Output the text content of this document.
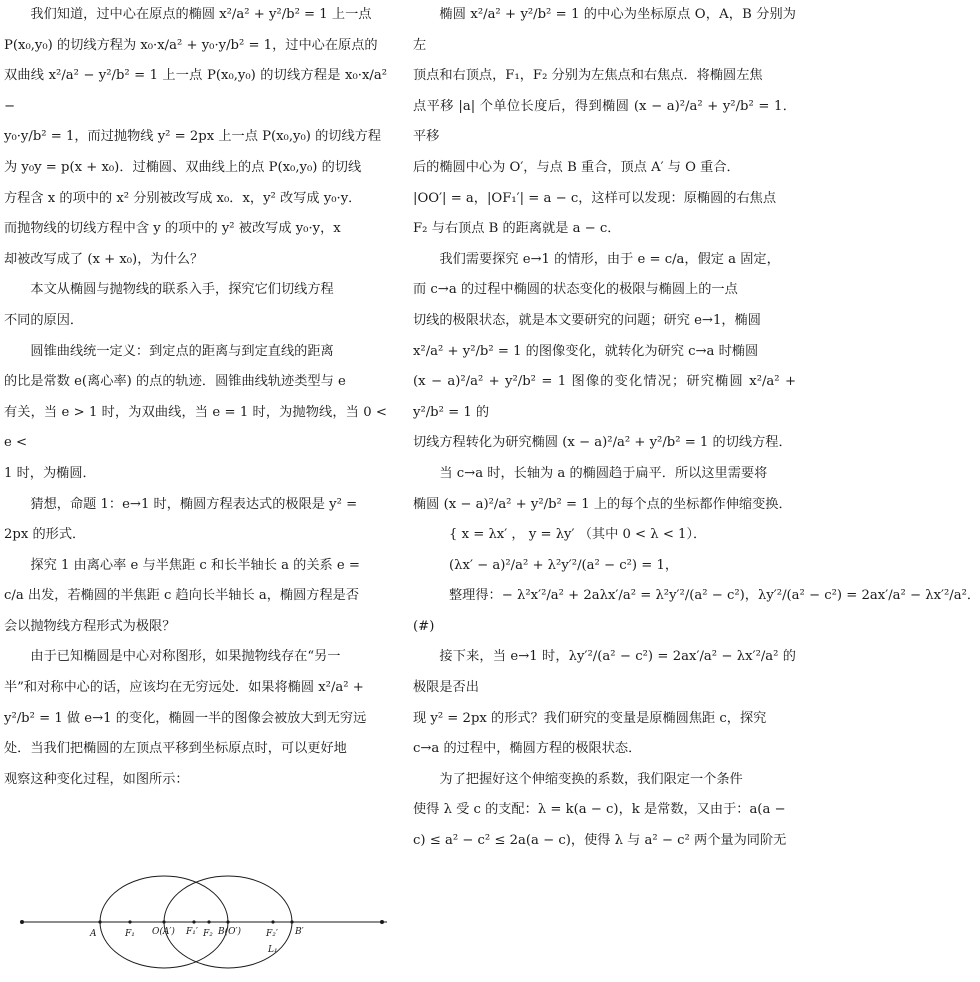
我们知道，过中心在原点的椭圆 x²/a² + y²/b² = 1 上一点

P(x₀,y₀) 的切线方程为 x₀·x/a² + y₀·y/b² = 1，过中心在原点的

双曲线 x²/a² − y²/b² = 1 上一点 P(x₀,y₀) 的切线方程是 x₀·x/a² −

y₀·y/b² = 1，而过抛物线 y² = 2px 上一点 P(x₀,y₀) 的切线方程

为 y₀y = p(x + x₀)．过椭圆、双曲线上的点 P(x₀,y₀) 的切线

方程含 x 的项中的 x² 分别被改写成 x₀．x，y² 改写成 y₀·y．

而抛物线的切线方程中含 y 的项中的 y² 被改写成 y₀·y，x

却被改写成了 (x + x₀)，为什么？

本文从椭圆与抛物线的联系入手，探究它们切线方程

不同的原因．

圆锥曲线统一定义：到定点的距离与到定直线的距离

的比是常数 e(离心率) 的点的轨迹．圆锥曲线轨迹类型与 e

有关，当 e > 1 时，为双曲线，当 e = 1 时，为抛物线，当 0 < e <

1 时，为椭圆．

猜想，命题 1：e→1 时，椭圆方程表达式的极限是 y² =

2px 的形式．

探究 1 由离心率 e 与半焦距 c 和长半轴长 a 的关系 e =

c/a 出发，若椭圆的半焦距 c 趋向长半轴长 a，椭圆方程是否

会以抛物线方程形式为极限？

由于已知椭圆是中心对称图形，如果抛物线存在“另一

半”和对称中心的话，应该均在无穷远处．如果将椭圆 x²/a² +

y²/b² = 1 做 e→1 的变化，椭圆一半的图像会被放大到无穷远

处．当我们把椭圆的左顶点平移到坐标原点时，可以更好地

观察这种变化过程，如图所示：

椭圆 x²/a² + y²/b² = 1 的中心为坐标原点 O，A，B 分别为左

顶点和右顶点，F₁，F₂ 分别为左焦点和右焦点．将椭圆左焦

点平移 |a| 个单位长度后，得到椭圆 (x − a)²/a² + y²/b² = 1．平移

后的椭圆中心为 O′，与点 B 重合，顶点 A′ 与 O 重合．

|OO′| = a，|OF₁′| = a − c，这样可以发现：原椭圆的右焦点

F₂ 与右顶点 B 的距离就是 a − c．

我们需要探究 e→1 的情形，由于 e = c/a，假定 a 固定，

而 c→a 的过程中椭圆的状态变化的极限与椭圆上的一点

切线的极限状态，就是本文要研究的问题；研究 e→1，椭圆

x²/a² + y²/b² = 1 的图像变化，就转化为研究 c→a 时椭圆

(x − a)²/a² + y²/b² = 1 图像的变化情况；研究椭圆 x²/a² + y²/b² = 1 的

切线方程转化为研究椭圆 (x − a)²/a² + y²/b² = 1 的切线方程．

当 c→a 时，长轴为 a 的椭圆趋于扁平．所以这里需要将

椭圆 (x − a)²/a² + y²/b² = 1 上的每个点的坐标都作伸缩变换．

{ x = λx′ ， y = λy′ （其中 0 < λ < 1）．

(λx′ − a)²/a² + λ²y′²/(a² − c²) = 1，

整理得：− λ²x′²/a² + 2aλx′/a² = λ²y′²/(a² − c²)，λy′²/(a² − c²) = 2ax′/a² − λx′²/a²．

(#)

接下来，当 e→1 时，λy′²/(a² − c²) = 2ax′/a² − λx′²/a² 的极限是否出

现 y² = 2px 的形式？我们研究的变量是原椭圆焦距 c，探究

c→a 的过程中，椭圆方程的极限状态．

为了把握好这个伸缩变换的系数，我们限定一个条件

使得 λ 受 c 的支配：λ = k(a − c)，k 是常数，又由于：a(a −

c) ≤ a² − c² ≤ 2a(a − c)，使得 λ 与 a² − c² 两个量为同阶无

A	F₁ O(A′) F₁′ F₂ B(O′)	F₂′ B′
L₁
